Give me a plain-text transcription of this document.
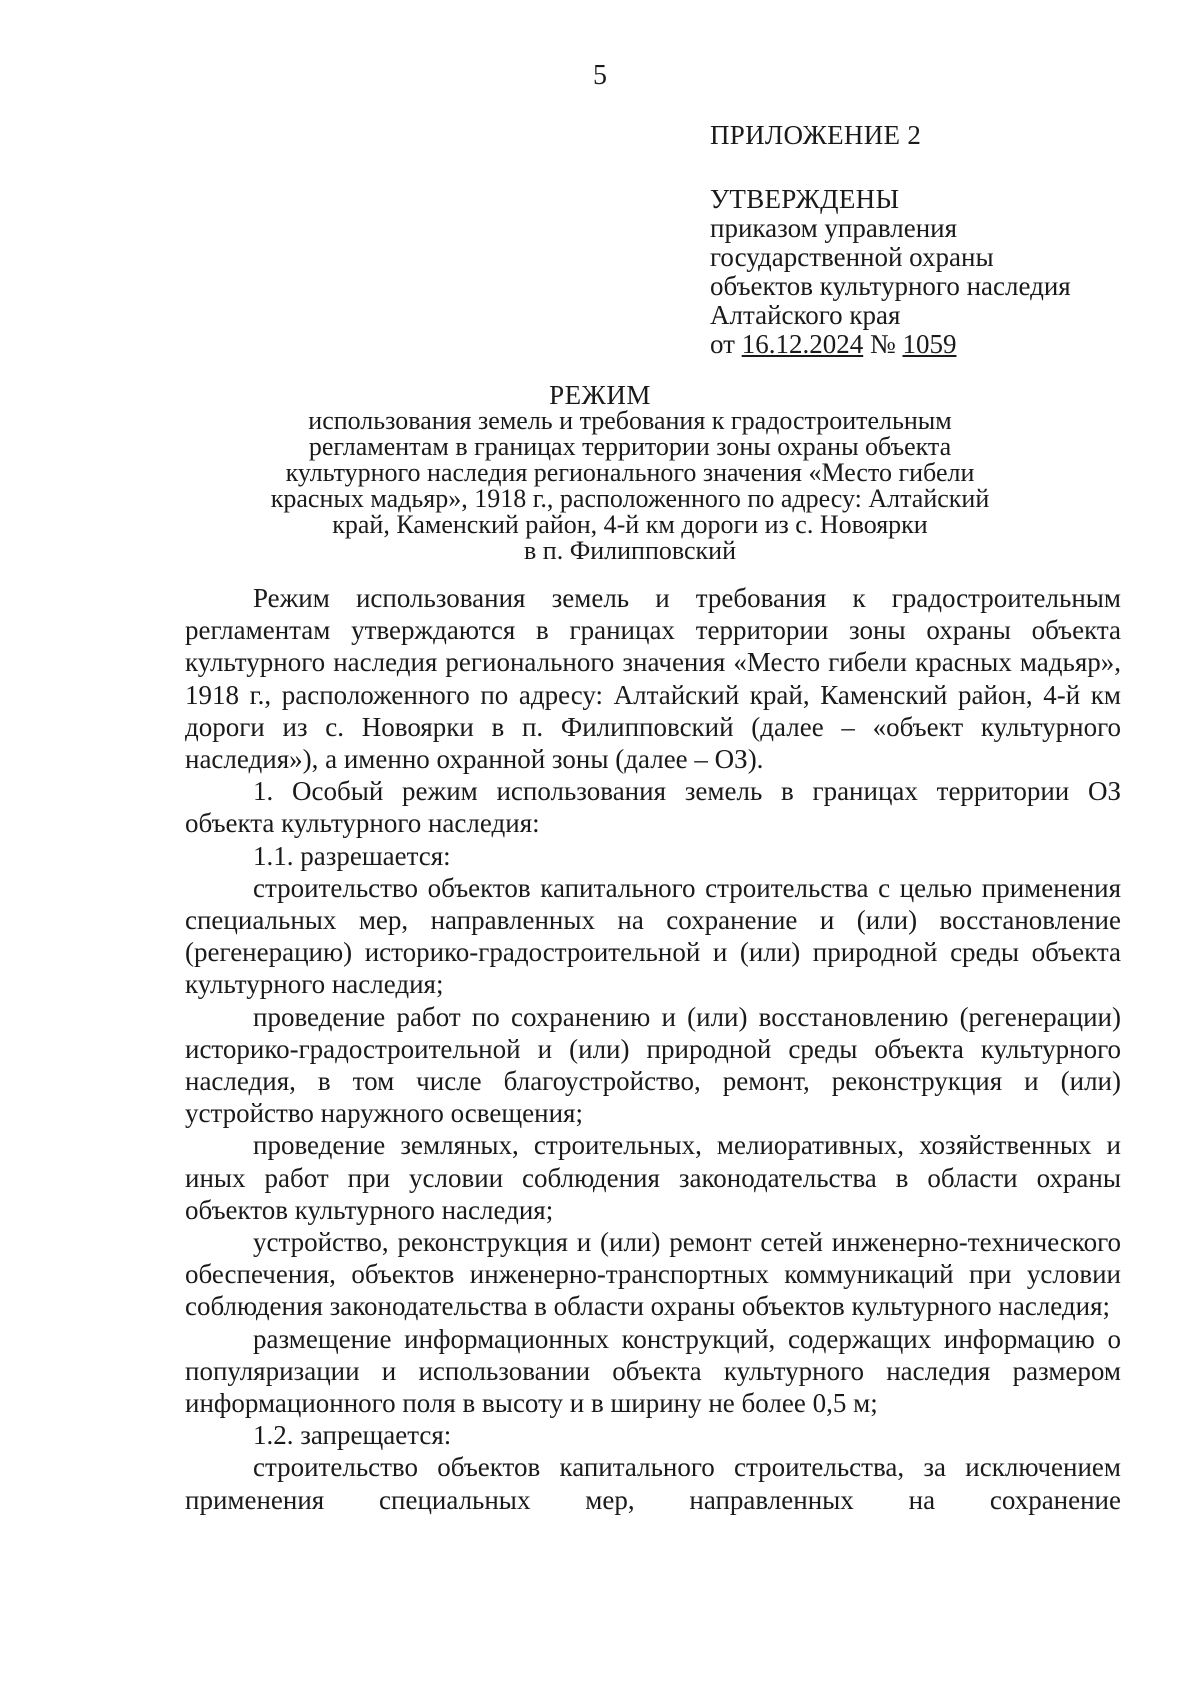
5
ПРИЛОЖЕНИЕ 2
УТВЕРЖДЕНЫ
приказом управления
государственной охраны
объектов культурного наследия
Алтайского края
от 16.12.2024 № 1059
РЕЖИМ
использования земель и требования к градостроительным
регламентам в границах территории зоны охраны объекта
культурного наследия регионального значения «Место гибели
красных мадьяр», 1918 г., расположенного по адресу: Алтайский
край, Каменский район, 4-й км дороги из с. Новоярки
в п. Филипповский

Режим использования земель и требования к градостроительным регламентам утверждаются в границах территории зоны охраны объекта культурного наследия регионального значения «Место гибели красных мадьяр», 1918 г., расположенного по адресу: Алтайский край, Каменский район, 4-й км дороги из с. Новоярки в п. Филипповский (далее – «объект культурного наследия»), а именно охранной зоны (далее – ОЗ).

1. Особый режим использования земель в границах территории ОЗ объекта культурного наследия:

1.1. разрешается:

строительство объектов капитального строительства с целью применения специальных мер, направленных на сохранение и (или) восстановление (регенерацию) историко-градостроительной и (или) природной среды объекта культурного наследия;

проведение работ по сохранению и (или) восстановлению (регенерации) историко-градостроительной и (или) природной среды объекта культурного наследия, в том числе благоустройство, ремонт, реконструкция и (или) устройство наружного освещения;

проведение земляных, строительных, мелиоративных, хозяйственных и иных работ при условии соблюдения законодательства в области охраны объектов культурного наследия;

устройство, реконструкция и (или) ремонт сетей инженерно-технического обеспечения, объектов инженерно-транспортных коммуникаций при условии соблюдения законодательства в области охраны объектов культурного наследия;

размещение информационных конструкций, содержащих информацию о популяризации и использовании объекта культурного наследия размером информационного поля в высоту и в ширину не более 0,5 м;

1.2. запрещается:

строительство объектов капитального строительства, за исключением применения специальных мер, направленных на сохранение
